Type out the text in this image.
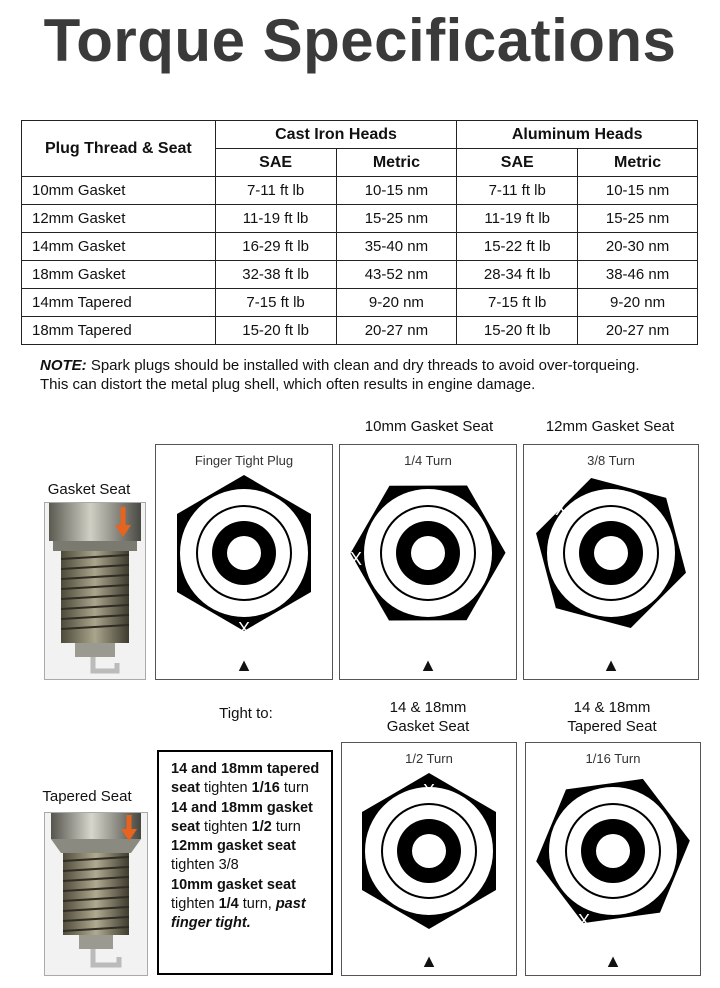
Torque Specifications
Plug Thread & Seat	Cast Iron Heads		Aluminum Heads	
	SAE	Metric	SAE	Metric
10mm Gasket	7-11 ft lb	10-15 nm	7-11 ft lb	10-15 nm
12mm Gasket	11-19 ft lb	15-25 nm	11-19 ft lb	15-25 nm
14mm Gasket	16-29 ft lb	35-40 nm	15-22 ft lb	20-30 nm
18mm Gasket	32-38 ft lb	43-52 nm	28-34 ft lb	38-46 nm
14mm Tapered	7-15 ft lb	9-20 nm	7-15 ft lb	9-20 nm
18mm Tapered	15-20 ft lb	20-27 nm	15-20 ft lb	20-27 nm
NOTE: Spark plugs should be installed with clean and dry threads to avoid over-torqueing.
This can distort the metal plug shell, which often results in engine damage.
10mm Gasket Seat	12mm Gasket Seat
Gasket Seat
Finger Tight Plug
X
▲
1/4 Turn
X
▲
3/8 Turn
X
▲
Tight to:	14 & 18mm
Gasket Seat
14 & 18mm
Tapered Seat
Tapered Seat
14 and 18mm tapered seat tighten 1/16 turn
14 and 18mm gasket seat tighten 1/2 turn
12mm gasket seat tighten 3/8
10mm gasket seat tighten 1/4 turn, past finger tight.
1/2 Turn
X
▲
1/16 Turn
X
▲
